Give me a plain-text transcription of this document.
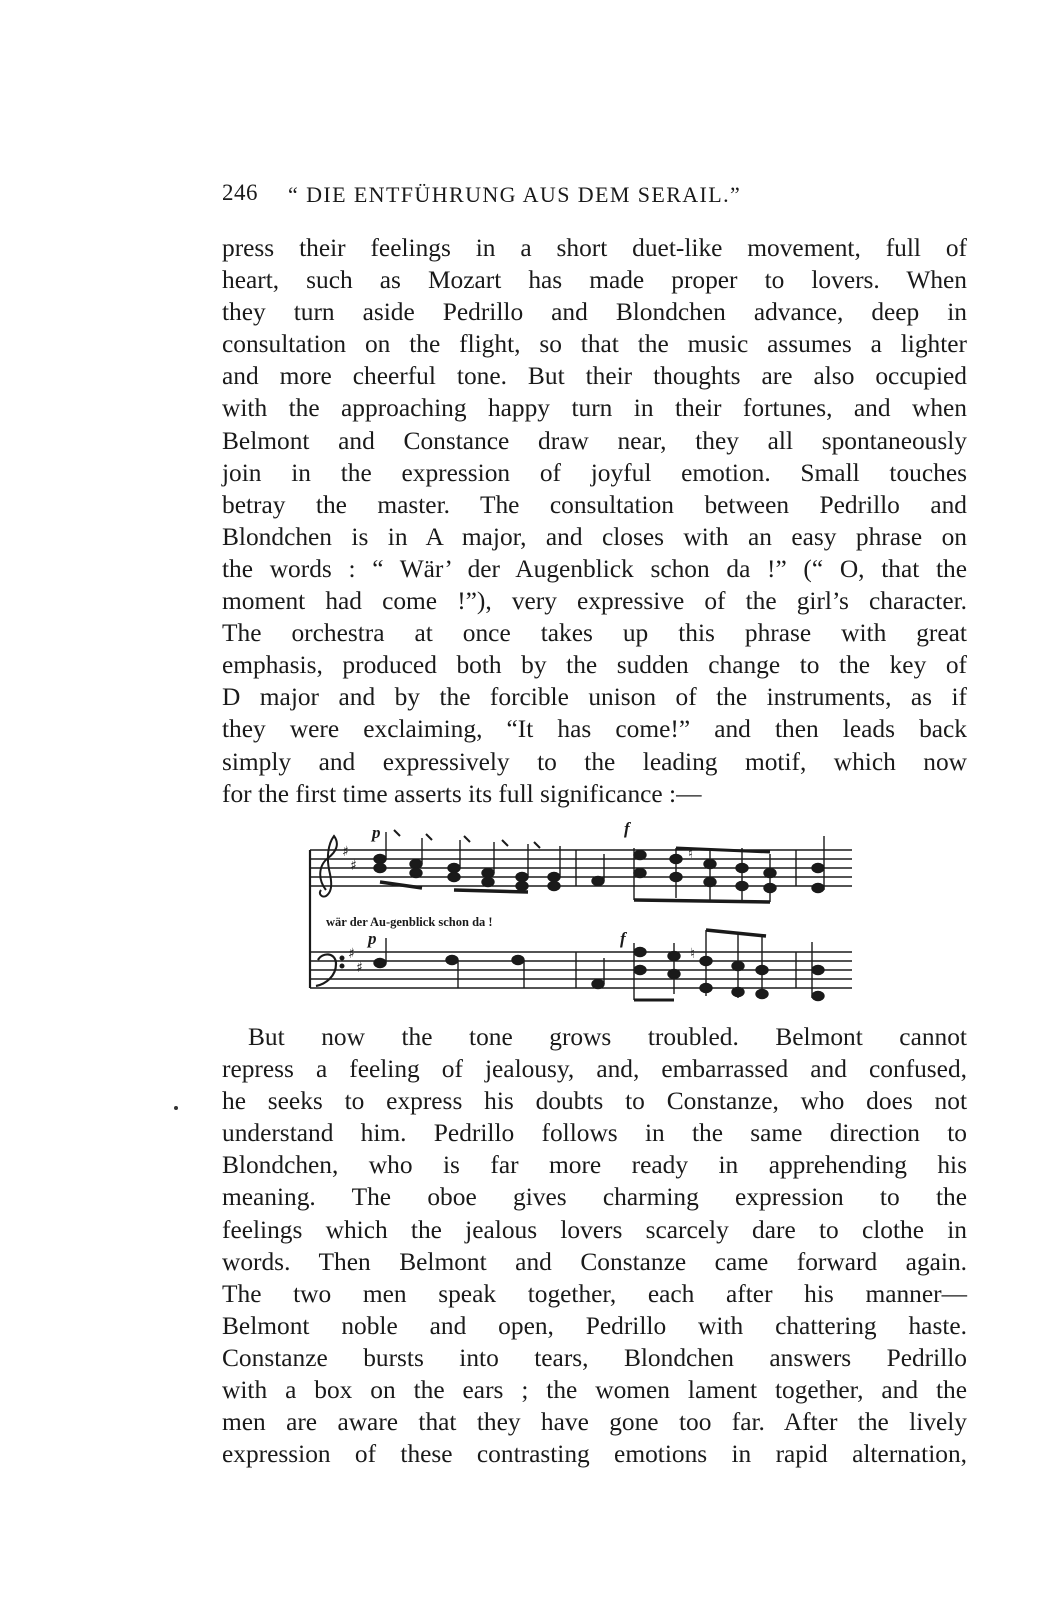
246 “ DIE ENTFÜHRUNG AUS DEM SERAIL.”
press their feelings in a short duet-like movement, full of
heart, such as Mozart has made proper to lovers. When
they turn aside Pedrillo and Blondchen advance, deep in
consultation on the flight, so that the music assumes a lighter
and more cheerful tone. But their thoughts are also occupied
with the approaching happy turn in their fortunes, and when
Belmont and Constance draw near, they all spontaneously
join in the expression of joyful emotion. Small touches
betray the master. The consultation between Pedrillo and
Blondchen is in A major, and closes with an easy phrase on
the words : “ Wär’ der Augenblick schon da !” (“ O, that the
moment had come !”), very expressive of the girl’s character.
The orchestra at once takes up this phrase with great
emphasis, produced both by the sudden change to the key of
D major and by the forcible unison of the instruments, as if
they were exclaiming, “It has come!” and then leads back
simply and expressively to the leading motif, which now
for the first time asserts its full significance :—
♯
♯
♯
♯
♮
♮
p	f
wär der Au-genblick schon da !
p	f
But now the tone grows troubled. Belmont cannot
repress a feeling of jealousy, and, embarrassed and confused,
he seeks to express his doubts to Constanze, who does not
understand him. Pedrillo follows in the same direction to
Blondchen, who is far more ready in apprehending his
meaning. The oboe gives charming expression to the
feelings which the jealous lovers scarcely dare to clothe in
words. Then Belmont and Constanze came forward again.
The two men speak together, each after his manner—
Belmont noble and open, Pedrillo with chattering haste.
Constanze bursts into tears, Blondchen answers Pedrillo
with a box on the ears ; the women lament together, and the
men are aware that they have gone too far. After the lively
expression of these contrasting emotions in rapid alternation,
